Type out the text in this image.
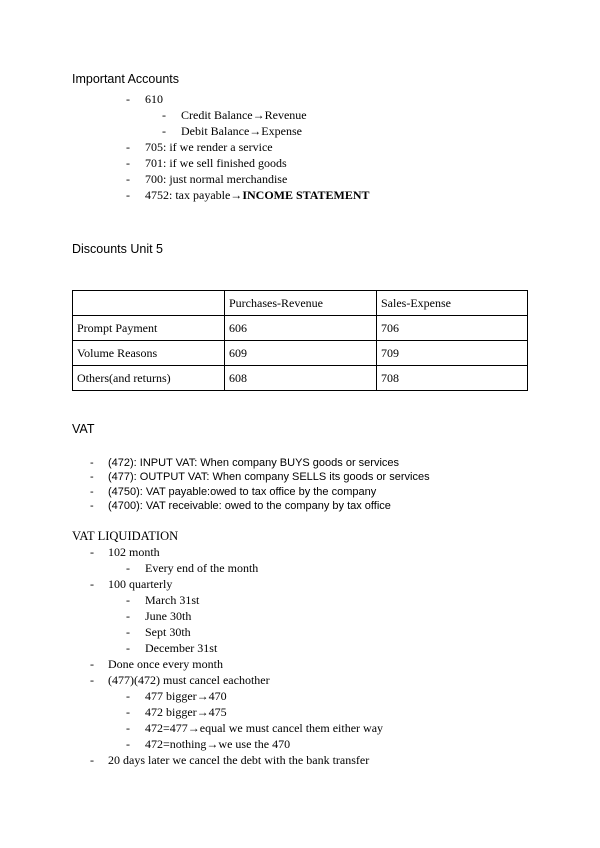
Important Accounts
- 610
- Credit Balance→Revenue
- Debit Balance→Expense
- 705: if we render a service
- 701: if we sell finished goods
- 700: just normal merchandise
- 4752: tax payable→INCOME STATEMENT
Discounts Unit 5
	Purchases-Revenue	Sales-Expense
Prompt Payment	606	706
Volume Reasons	609	709
Others(and returns)	608	708
VAT
- (472): INPUT VAT: When company BUYS goods or services
- (477): OUTPUT VAT: When company SELLS its goods or services
- (4750): VAT payable:owed to tax office by the company
- (4700): VAT receivable: owed to the company by tax office
VAT LIQUIDATION
- 102 month
- Every end of the month
- 100 quarterly
- March 31st
- June 30th
- Sept 30th
- December 31st
- Done once every month
- (477)(472) must cancel eachother
- 477 bigger→470
- 472 bigger→475
- 472=477→equal we must cancel them either way
- 472=nothing→we use the 470
- 20 days later we cancel the debt with the bank transfer
